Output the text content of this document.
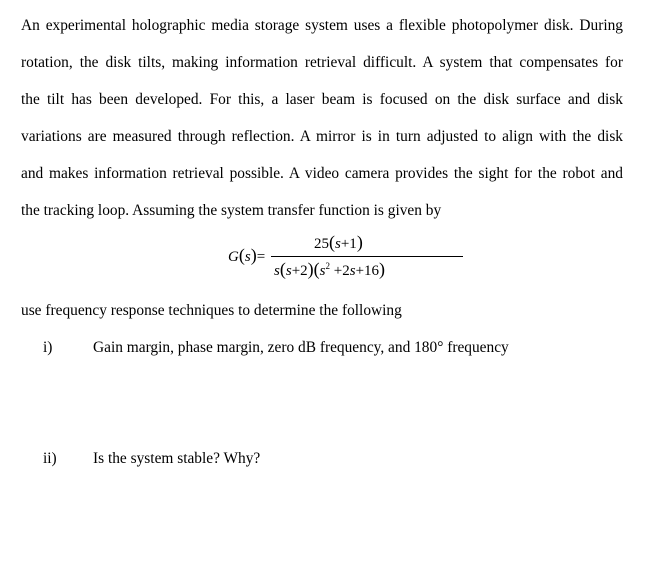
An experimental holographic media storage system uses a flexible photopolymer disk. During
rotation, the disk tilts, making information retrieval difficult. A system that compensates for
the tilt has been developed. For this, a laser beam is focused on the disk surface and disk
variations are measured through reflection. A mirror is in turn adjusted to align with the disk
and makes information retrieval possible. A video camera provides the sight for the robot and
the tracking loop. Assuming the system transfer function is given by
G(s)=
25(s+1)
$s(s+2)(s^2 +2s+16)$
use frequency response techniques to determine the following
i)	Gain margin, phase margin, zero dB frequency, and 180° frequency
ii) Is the system stable? Why?
